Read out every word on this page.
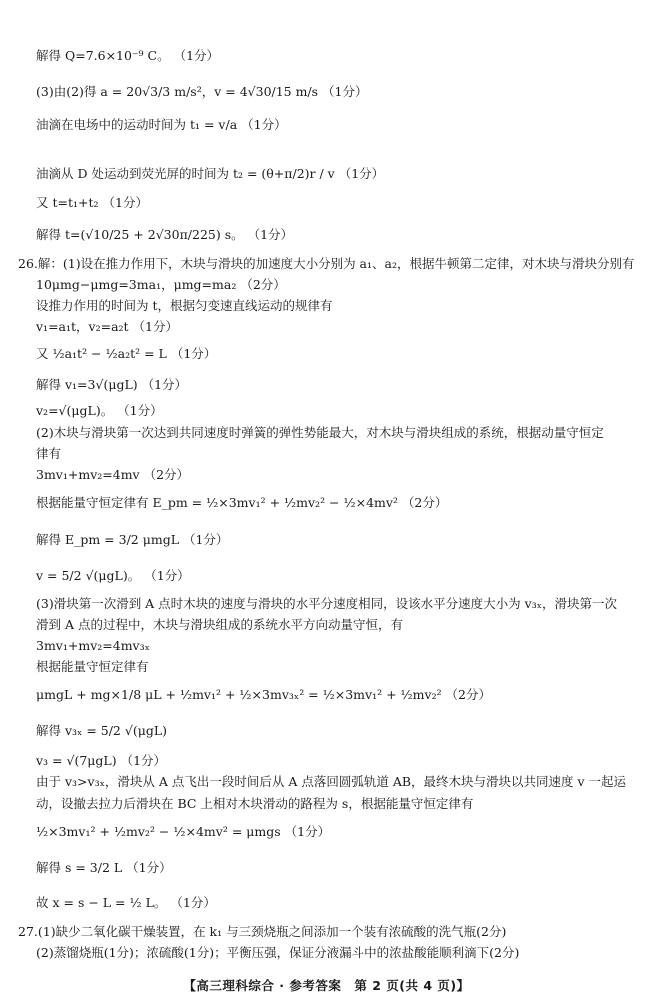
解得 Q=7.6×10⁻⁹ C。 （1分）
(3)由(2)得 a = 20√3/3 m/s²，v = 4√30/15 m/s （1分）
油滴在电场中的运动时间为 t₁ = v/a （1分）
油滴从 D 处运动到荧光屏的时间为 t₂ = (θ+π/2)r / v （1分）
又 t=t₁+t₂ （1分）
解得 t=(√10/25 + 2√30π/225) s。 （1分）
26.解：(1)设在推力作用下，木块与滑块的加速度大小分别为 a₁、a₂，根据牛顿第二定律，对木块与滑块分别有
10μmg−μmg=3ma₁，μmg=ma₂ （2分）
设推力作用的时间为 t，根据匀变速直线运动的规律有
v₁=a₁t，v₂=a₂t （1分）
又 ½a₁t² − ½a₂t² = L （1分）
解得 v₁=3√(μgL) （1分）
v₂=√(μgL)。 （1分）
(2)木块与滑块第一次达到共同速度时弹簧的弹性势能最大，对木块与滑块组成的系统，根据动量守恒定
律有
3mv₁+mv₂=4mv （2分）
根据能量守恒定律有 E_pm = ½×3mv₁² + ½mv₂² − ½×4mv² （2分）
解得 E_pm = 3/2 μmgL （1分）
v = 5/2 √(μgL)。 （1分）
(3)滑块第一次滑到 A 点时木块的速度与滑块的水平分速度相同，设该水平分速度大小为 v₃ₓ，滑块第一次
滑到 A 点的过程中，木块与滑块组成的系统水平方向动量守恒，有
3mv₁+mv₂=4mv₃ₓ
根据能量守恒定律有
μmgL + mg×1/8 μL + ½mv₁² + ½×3mv₃ₓ² = ½×3mv₁² + ½mv₂² （2分）
解得 v₃ₓ = 5/2 √(μgL)
v₃ = √(7μgL) （1分）
由于 v₃>v₃ₓ，滑块从 A 点飞出一段时间后从 A 点落回圆弧轨道 AB，最终木块与滑块以共同速度 v 一起运
动，设撤去拉力后滑块在 BC 上相对木块滑动的路程为 s，根据能量守恒定律有
½×3mv₁² + ½mv₂² − ½×4mv² = μmgs （1分）
解得 s = 3/2 L （1分）
故 x = s − L = ½ L。 （1分）
27.(1)缺少二氧化碳干燥装置，在 k₁ 与三颈烧瓶之间添加一个装有浓硫酸的洗气瓶(2分)
(2)蒸馏烧瓶(1分)；浓硫酸(1分)；平衡压强，保证分液漏斗中的浓盐酸能顺利滴下(2分)
【高三理科综合 · 参考答案　第 2 页(共 4 页)】
